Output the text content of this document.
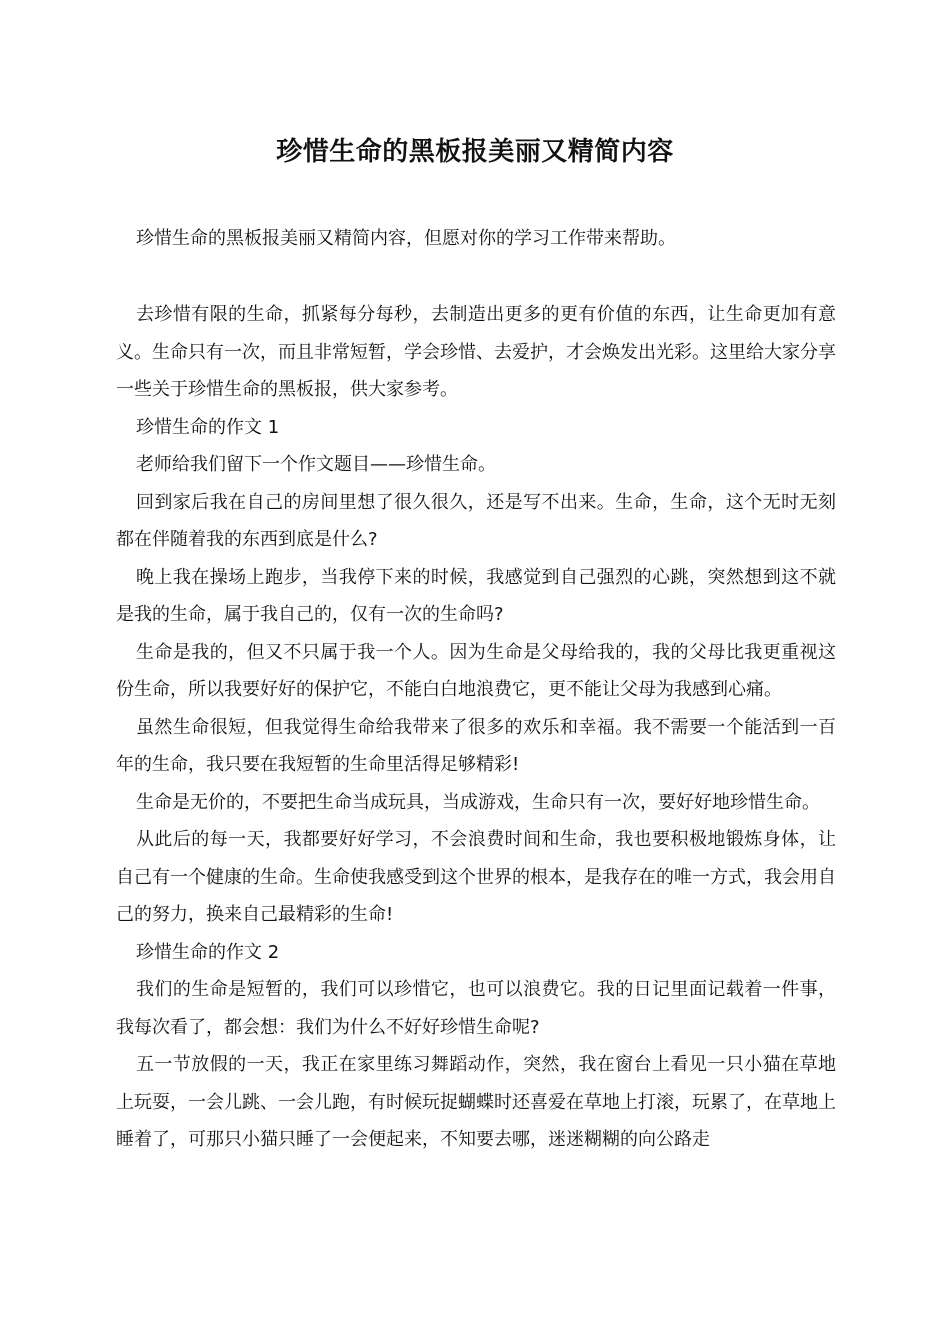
珍惜生命的黑板报美丽又精简内容
珍惜生命的黑板报美丽又精简内容，但愿对你的学习工作带来帮助。

去珍惜有限的生命，抓紧每分每秒，去制造出更多的更有价值的东西，让生命更加有意义。生命只有一次，而且非常短暂，学会珍惜、去爱护，才会焕发出光彩。这里给大家分享一些关于珍惜生命的黑板报，供大家参考。

珍惜生命的作文 1

老师给我们留下一个作文题目——珍惜生命。

回到家后我在自己的房间里想了很久很久，还是写不出来。生命，生命，这个无时无刻都在伴随着我的东西到底是什么?

晚上我在操场上跑步，当我停下来的时候，我感觉到自己强烈的心跳，突然想到这不就是我的生命，属于我自己的，仅有一次的生命吗?

生命是我的，但又不只属于我一个人。因为生命是父母给我的，我的父母比我更重视这份生命，所以我要好好的保护它，不能白白地浪费它，更不能让父母为我感到心痛。

虽然生命很短，但我觉得生命给我带来了很多的欢乐和幸福。我不需要一个能活到一百年的生命，我只要在我短暂的生命里活得足够精彩!

生命是无价的，不要把生命当成玩具，当成游戏，生命只有一次，要好好地珍惜生命。

从此后的每一天，我都要好好学习，不会浪费时间和生命，我也要积极地锻炼身体，让自己有一个健康的生命。生命使我感受到这个世界的根本，是我存在的唯一方式，我会用自己的努力，换来自己最精彩的生命!

珍惜生命的作文 2

我们的生命是短暂的，我们可以珍惜它，也可以浪费它。我的日记里面记载着一件事，我每次看了，都会想：我们为什么不好好珍惜生命呢?

五一节放假的一天，我正在家里练习舞蹈动作，突然，我在窗台上看见一只小猫在草地上玩耍，一会儿跳、一会儿跑，有时候玩捉蝴蝶时还喜爱在草地上打滚，玩累了，在草地上睡着了，可那只小猫只睡了一会便起来，不知要去哪，迷迷糊糊的向公路走
